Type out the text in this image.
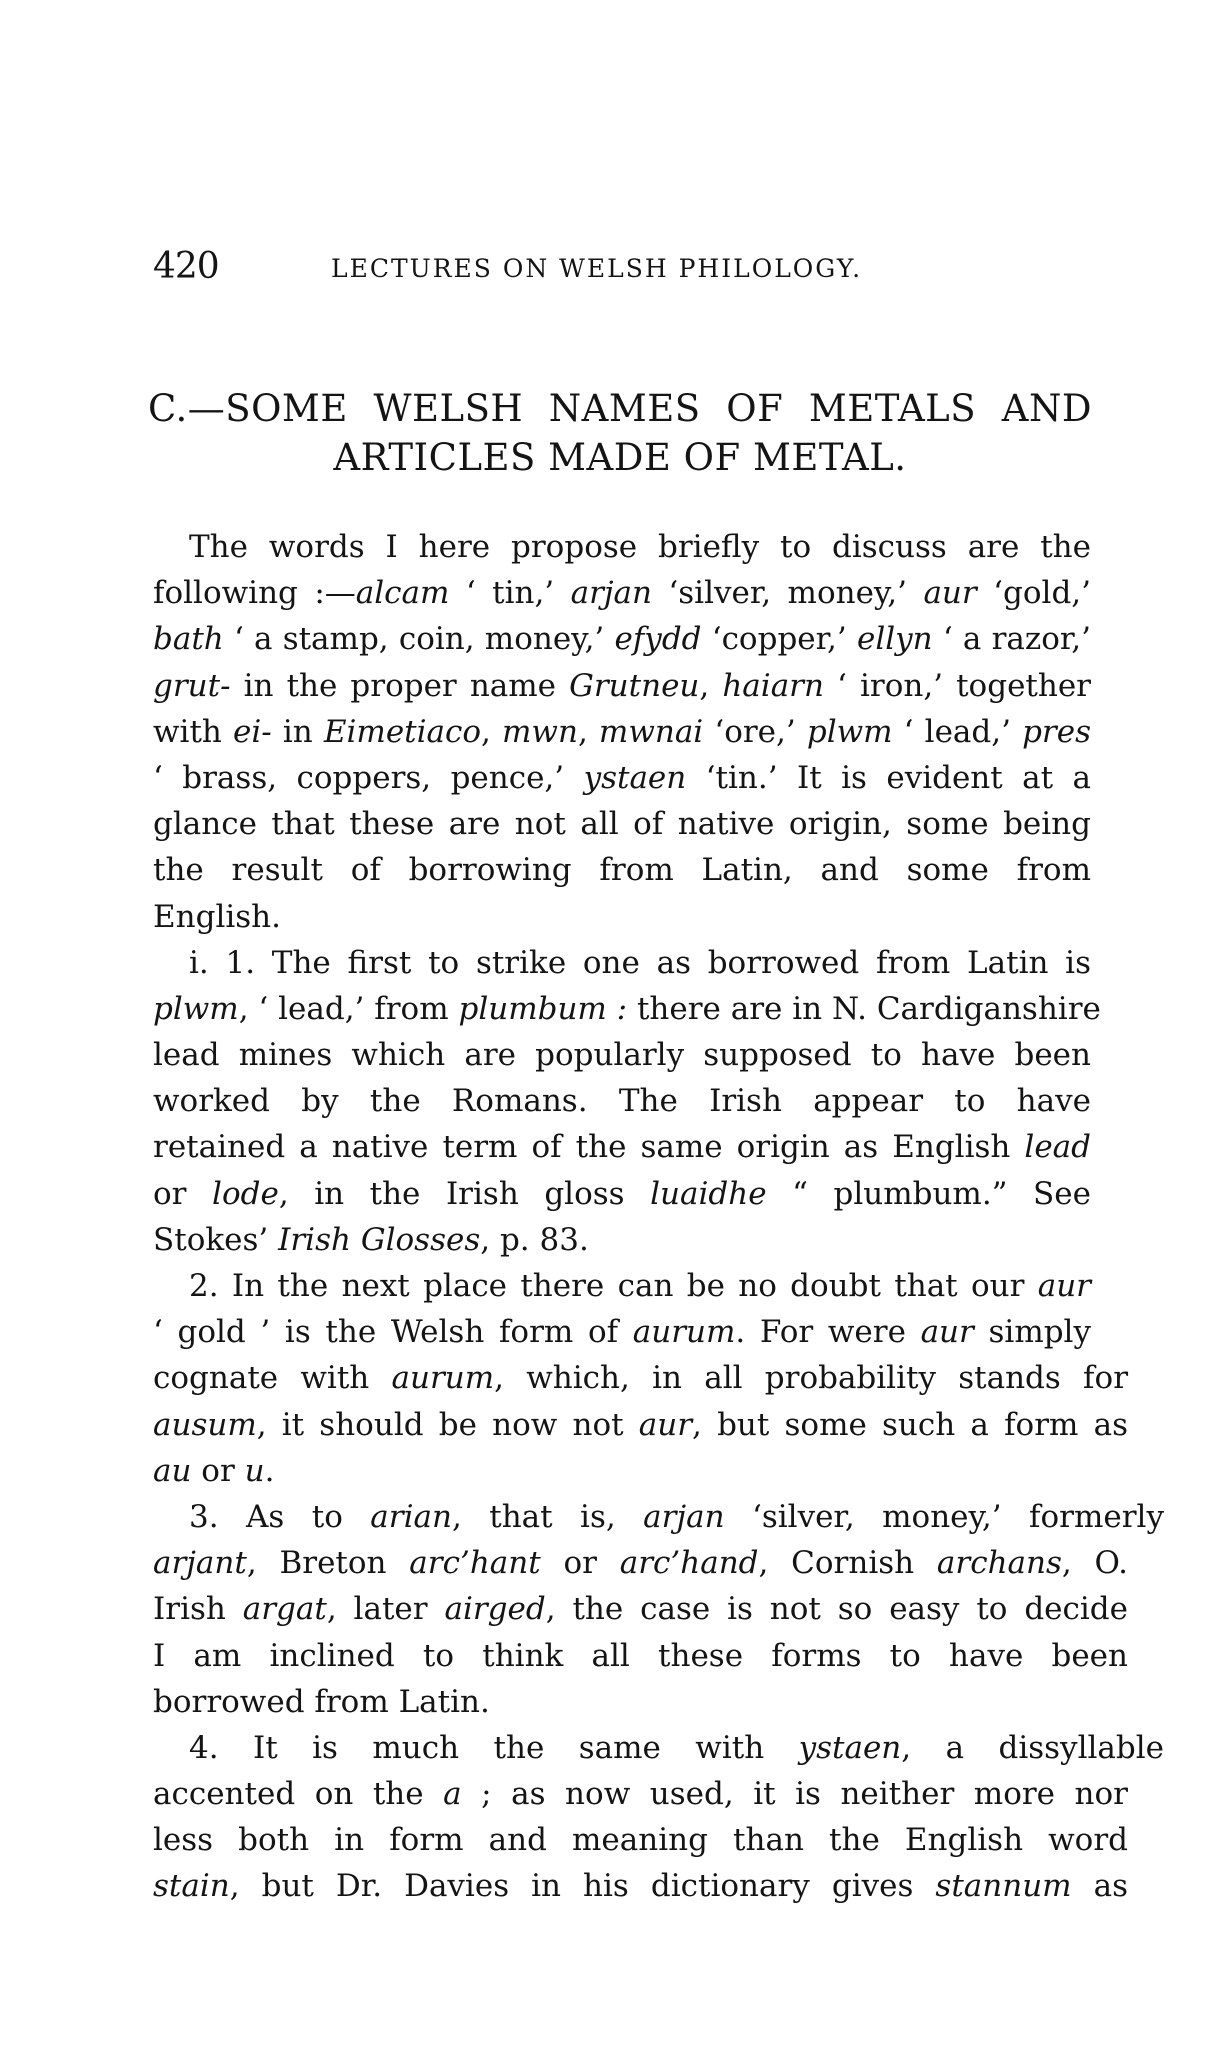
420	LECTURES ON WELSH PHILOLOGY.
C.—SOME WELSH NAMES OF METALS AND
ARTICLES MADE OF METAL.
The words I here propose briefly to discuss are the
following :—alcam ‘ tin,’ arjan ‘silver, money,’ aur ‘gold,’
bath ‘ a stamp, coin, money,’ efydd ‘copper,’ ellyn ‘ a razor,’
grut- in the proper name Grutneu, haiarn ‘ iron,’ together
with ei- in Eimetiaco, mwn, mwnai ‘ore,’ plwm ‘ lead,’ pres
‘ brass, coppers, pence,’ ystaen ‘tin.’ It is evident at a
glance that these are not all of native origin, some being
the result of borrowing from Latin, and some from
English.
i. 1. The first to strike one as borrowed from Latin is
plwm, ‘ lead,’ from plumbum : there are in N. Cardiganshire
lead mines which are popularly supposed to have been
worked by the Romans. The Irish appear to have
retained a native term of the same origin as English lead
or lode, in the Irish gloss luaidhe “ plumbum.” See
Stokes’ Irish Glosses, p. 83.
2. In the next place there can be no doubt that our aur
‘ gold ’ is the Welsh form of aurum. For were aur simply
cognate with aurum, which, in all probability stands for
ausum, it should be now not aur, but some such a form as
au or u.
3. As to arian, that is, arjan ‘silver, money,’ formerly
arjant, Breton arc’hant or arc’hand, Cornish archans, O.
Irish argat, later airged, the case is not so easy to decide
I am inclined to think all these forms to have been
borrowed from Latin.
4. It is much the same with ystaen, a dissyllable
accented on the a ; as now used, it is neither more nor
less both in form and meaning than the English word
stain, but Dr. Davies in his dictionary gives stannum as
